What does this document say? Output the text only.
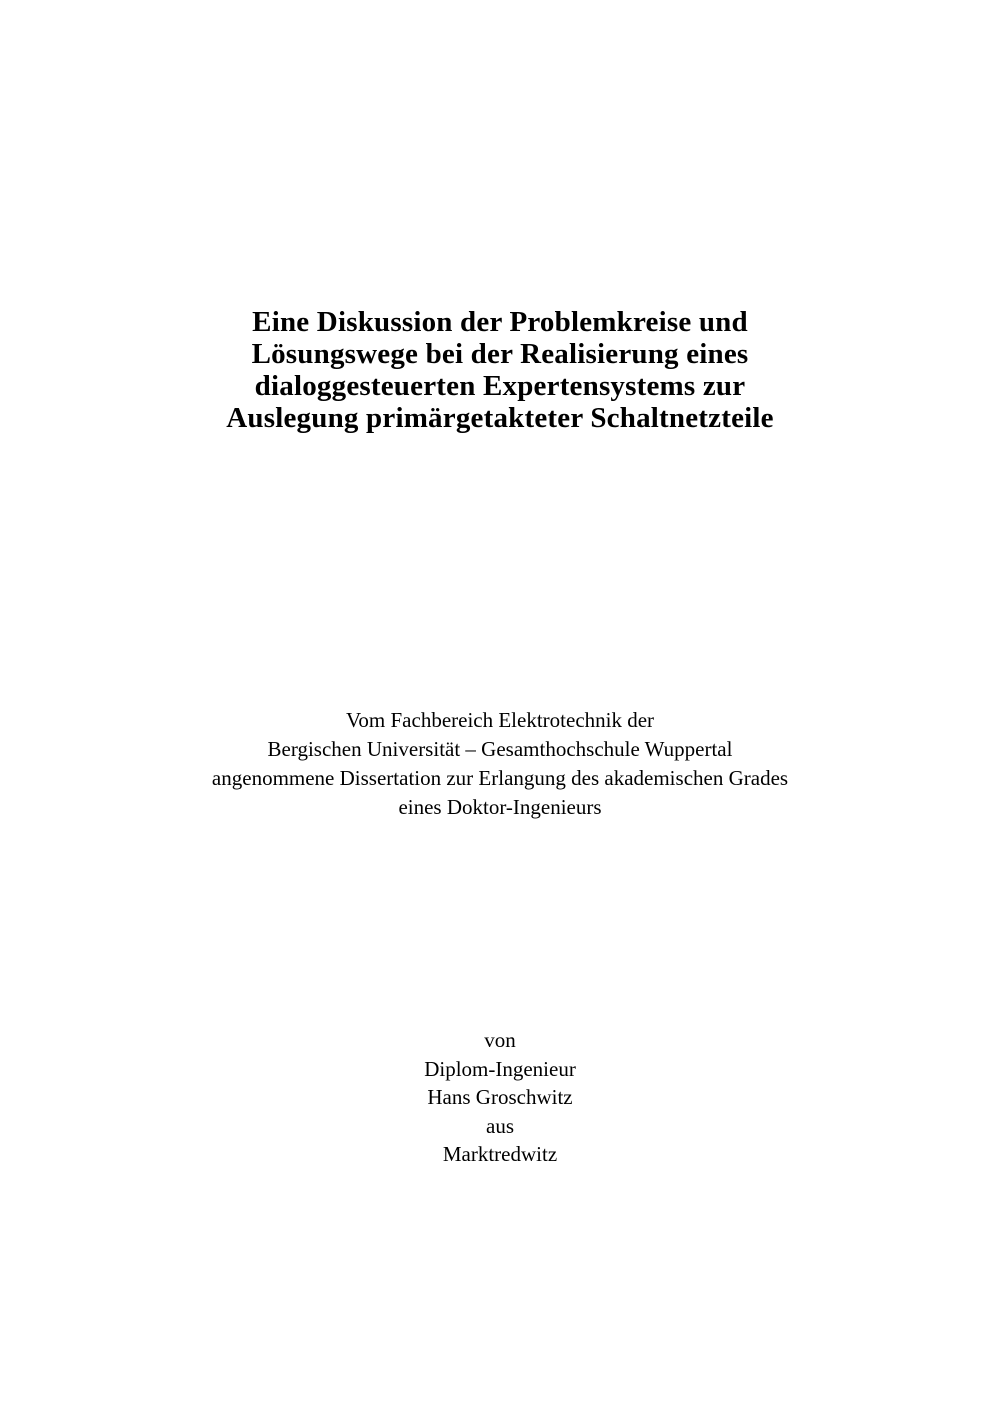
Eine Diskussion der Problemkreise und
Lösungswege bei der Realisierung eines
dialoggesteuerten Expertensystems zur
Auslegung primärgetakteter Schaltnetzteile

Vom Fachbereich Elektrotechnik der
Bergischen Universität – Gesamthochschule Wuppertal
angenommene Dissertation zur Erlangung des akademischen Grades
eines Doktor-Ingenieurs

von
Diplom-Ingenieur
Hans Groschwitz
aus
Marktredwitz
